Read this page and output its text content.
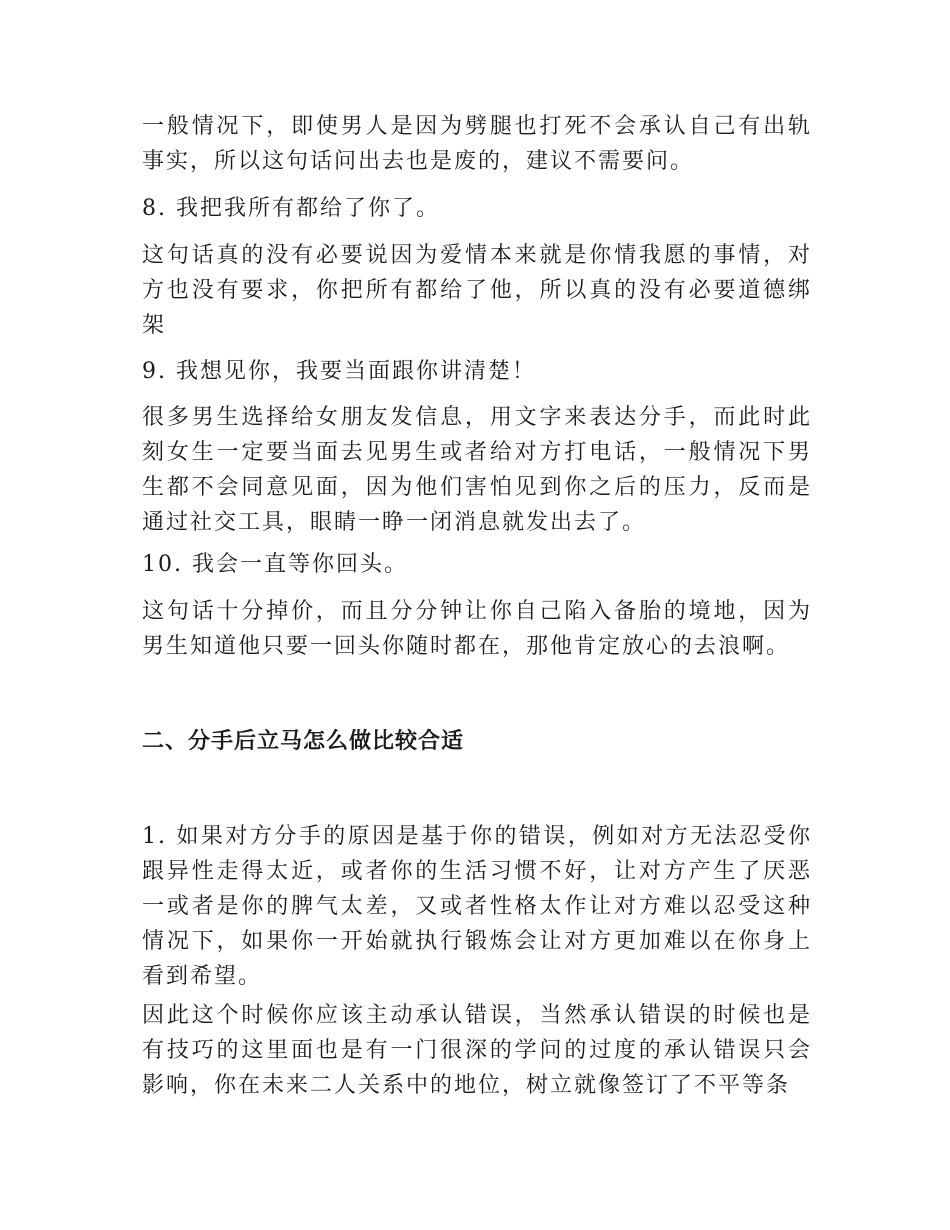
一般情况下，即使男人是因为劈腿也打死不会承认自己有出轨事实，所以这句话问出去也是废的，建议不需要问。

8. 我把我所有都给了你了。

这句话真的没有必要说因为爱情本来就是你情我愿的事情，对方也没有要求，你把所有都给了他，所以真的没有必要道德绑架

9. 我想见你，我要当面跟你讲清楚！

很多男生选择给女朋友发信息，用文字来表达分手，而此时此刻女生一定要当面去见男生或者给对方打电话，一般情况下男生都不会同意见面，因为他们害怕见到你之后的压力，反而是通过社交工具，眼睛一睁一闭消息就发出去了。

10. 我会一直等你回头。

这句话十分掉价，而且分分钟让你自己陷入备胎的境地，因为男生知道他只要一回头你随时都在，那他肯定放心的去浪啊。

二、分手后立马怎么做比较合适

1. 如果对方分手的原因是基于你的错误，例如对方无法忍受你跟异性走得太近，或者你的生活习惯不好，让对方产生了厌恶一或者是你的脾气太差，又或者性格太作让对方难以忍受这种情况下，如果你一开始就执行锻炼会让对方更加难以在你身上看到希望。

因此这个时候你应该主动承认错误，当然承认错误的时候也是有技巧的这里面也是有一门很深的学问的过度的承认错误只会影响，你在未来二人关系中的地位，树立就像签订了不平等条
